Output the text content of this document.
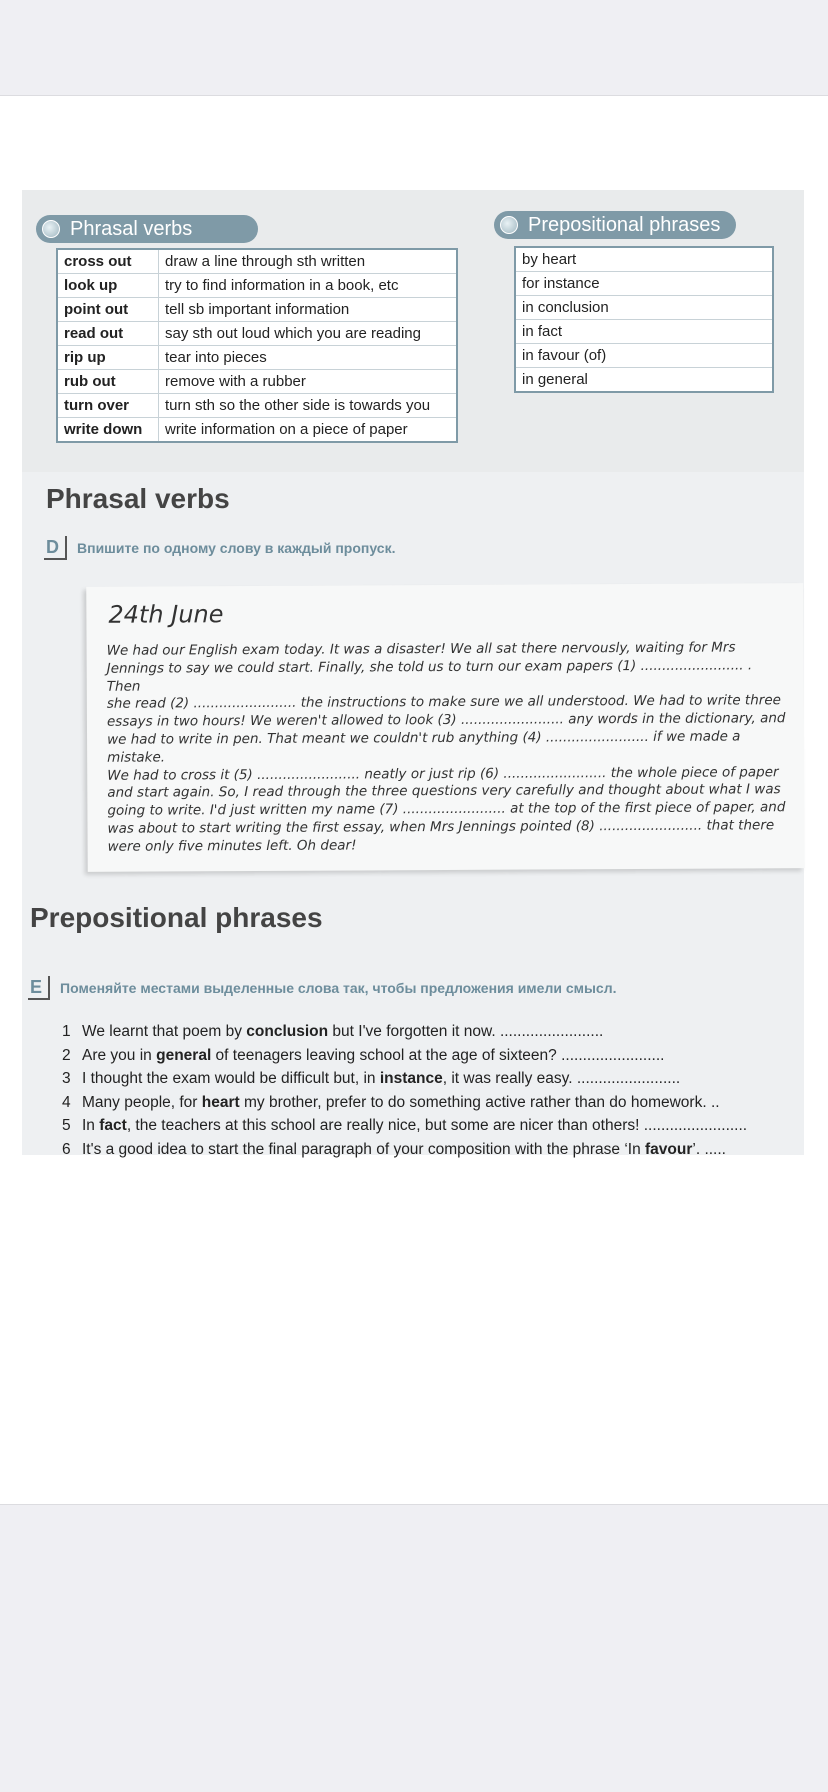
Phrasal verbs
cross out	draw a line through sth written
look up	try to find information in a book, etc
point out	tell sb important information
read out	say sth out loud which you are reading
rip up	tear into pieces
rub out	remove with a rubber
turn over	turn sth so the other side is towards you
write down	write information on a piece of paper
Prepositional phrases
by heart
for instance
in conclusion
in fact
in favour (of)
in general
Phrasal verbs
D	Впишите по одному слову в каждый пропуск.
24th June
We had our English exam today. It was a disaster! We all sat there nervously, waiting for Mrs
Jennings to say we could start. Finally, she told us to turn our exam papers (1) ........................ . Then
she read (2) ........................ the instructions to make sure we all understood. We had to write three
essays in two hours! We weren't allowed to look (3) ........................ any words in the dictionary, and
we had to write in pen. That meant we couldn't rub anything (4) ........................ if we made a mistake.
We had to cross it (5) ........................ neatly or just rip (6) ........................ the whole piece of paper
and start again. So, I read through the three questions very carefully and thought about what I was
going to write. I'd just written my name (7) ........................ at the top of the first piece of paper, and
was about to start writing the first essay, when Mrs Jennings pointed (8) ........................ that there
were only five minutes left. Oh dear!
Prepositional phrases
E	Поменяйте местами выделенные слова так, чтобы предложения имели смысл.
1 We learnt that poem by conclusion but I've forgotten it now. ........................
2 Are you in general of teenagers leaving school at the age of sixteen? ........................
3 I thought the exam would be difficult but, in instance, it was really easy. ........................
4 Many people, for heart my brother, prefer to do something active rather than do homework. ..
5 In fact, the teachers at this school are really nice, but some are nicer than others! ........................
6 It's a good idea to start the final paragraph of your composition with the phrase ‘In favour’. .....
